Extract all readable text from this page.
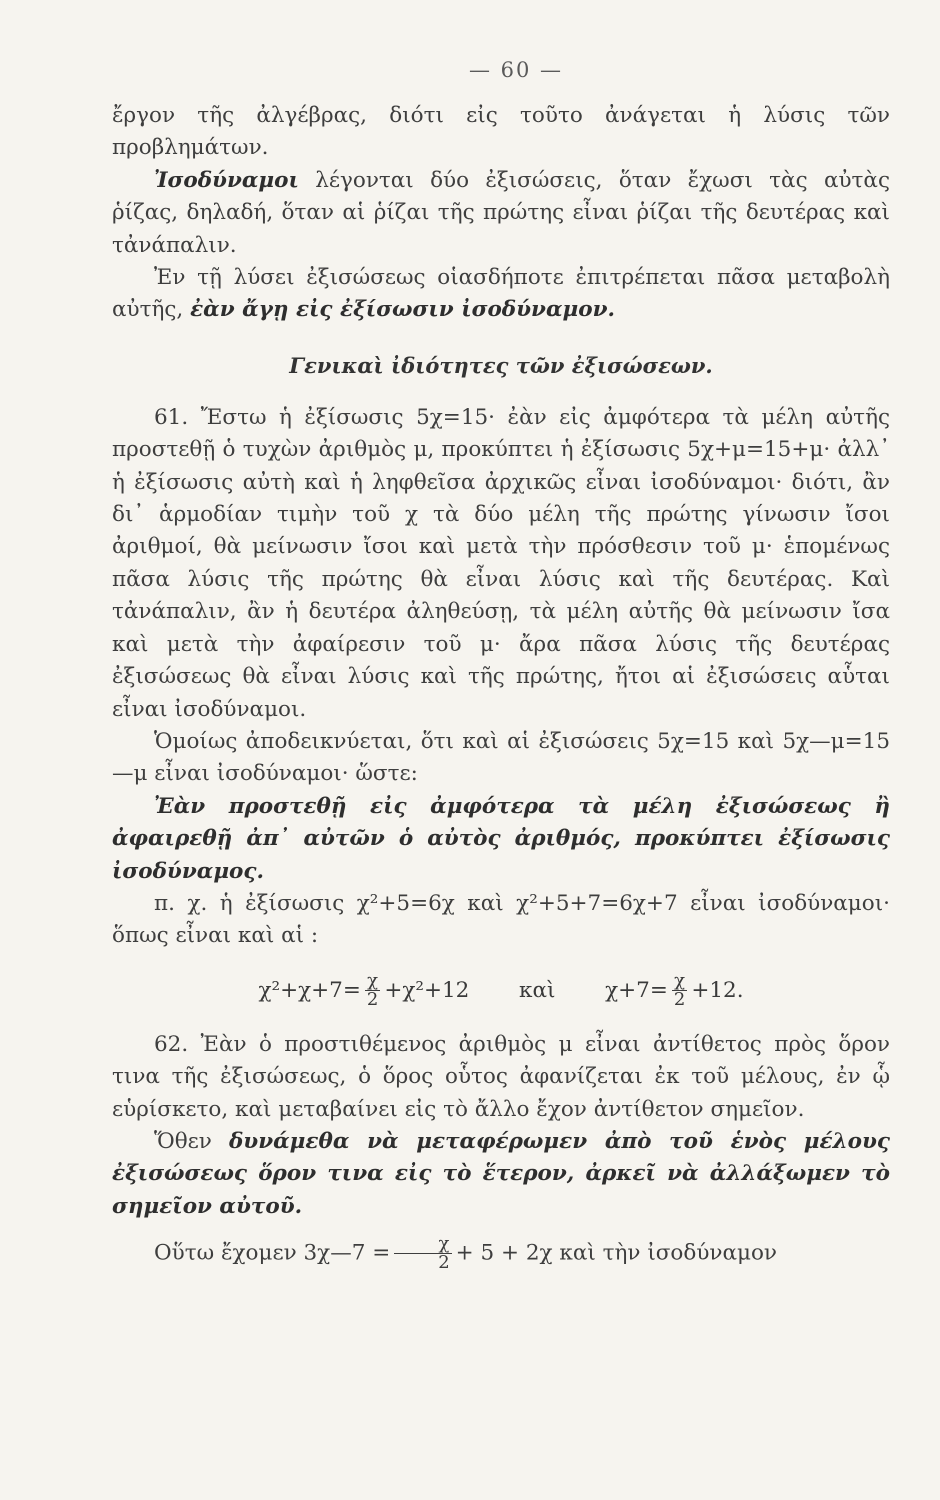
— 60 —

ἔργον τῆς ἀλγέβρας, διότι εἰς τοῦτο ἀνάγεται ἡ λύσις τῶν προβλημάτων.

Ἰσοδύναμοι λέγονται δύο ἐξισώσεις, ὅταν ἔχωσι τὰς αὐτὰς ῥίζας, δηλαδή, ὅταν αἱ ῥίζαι τῆς πρώτης εἶναι ῥίζαι τῆς δευτέρας καὶ τἀνάπαλιν.

Ἐν τῇ λύσει ἐξισώσεως οἱασδήποτε ἐπιτρέπεται πᾶσα μεταβολὴ αὐτῆς, ἐὰν ἄγῃ εἰς ἐξίσωσιν ἰσοδύναμον.

Γενικαὶ ἰδιότητες τῶν ἐξισώσεων.

61. Ἔστω ἡ ἐξίσωσις 5χ=15· ἐὰν εἰς ἀμφότερα τὰ μέλη αὐτῆς προστεθῇ ὁ τυχὼν ἀριθμὸς μ, προκύπτει ἡ ἐξίσωσις 5χ+μ=15+μ· ἀλλ᾽ ἡ ἐξίσωσις αὐτὴ καὶ ἡ ληφθεῖσα ἀρχικῶς εἶναι ἰσοδύναμοι· διότι, ἂν δι᾽ ἁρμοδίαν τιμὴν τοῦ χ τὰ δύο μέλη τῆς πρώτης γίνωσιν ἴσοι ἀριθμοί, θὰ μείνωσιν ἴσοι καὶ μετὰ τὴν πρόσθεσιν τοῦ μ· ἑπομένως πᾶσα λύσις τῆς πρώτης θὰ εἶναι λύσις καὶ τῆς δευτέρας. Καὶ τἀνάπαλιν, ἂν ἡ δευτέρα ἀληθεύσῃ, τὰ μέλη αὐτῆς θὰ μείνωσιν ἴσα καὶ μετὰ τὴν ἀφαίρεσιν τοῦ μ· ἄρα πᾶσα λύσις τῆς δευτέρας ἐξισώσεως θὰ εἶναι λύσις καὶ τῆς πρώτης, ἤτοι αἱ ἐξισώσεις αὗται εἶναι ἰσοδύναμοι.

Ὁμοίως ἀποδεικνύεται, ὅτι καὶ αἱ ἐξισώσεις 5χ=15 καὶ 5χ—μ=15—μ εἶναι ἰσοδύναμοι· ὥστε:

Ἐὰν προστεθῇ εἰς ἀμφότερα τὰ μέλη ἐξισώσεως ἢ ἀφαιρεθῇ ἀπ᾽ αὐτῶν ὁ αὐτὸς ἀριθμός, προκύπτει ἐξίσωσις ἰσοδύναμος.

π. χ. ἡ ἐξίσωσις χ²+5=6χ καὶ χ²+5+7=6χ+7 εἶναι ἰσοδύναμοι· ὅπως εἶναι καὶ αἱ :

$\chi^2+\chi+7= \frac{\chi}{2} +\chi^2+12$ καὶ $\chi+7= \frac{\chi}{2} +12$.

62. Ἐὰν ὁ προστιθέμενος ἀριθμὸς μ εἶναι ἀντίθετος πρὸς ὅρον τινα τῆς ἐξισώσεως, ὁ ὅρος οὗτος ἀφανίζεται ἐκ τοῦ μέλους, ἐν ᾧ εὑρίσκετο, καὶ μεταβαίνει εἰς τὸ ἄλλο ἔχον ἀντίθετον σημεῖον.

Ὅθεν δυνάμεθα νὰ μεταφέρωμεν ἀπὸ τοῦ ἑνὸς μέλους ἐξισώσεως ὅρον τινα εἰς τὸ ἕτερον, ἀρκεῖ νὰ ἀλλάξωμεν τὸ σημεῖον αὐτοῦ.

Οὕτω ἔχομεν 3χ—7 = $\frac{\chi}{2} + 5 + 2\chi$ καὶ τὴν ἰσοδύναμον
